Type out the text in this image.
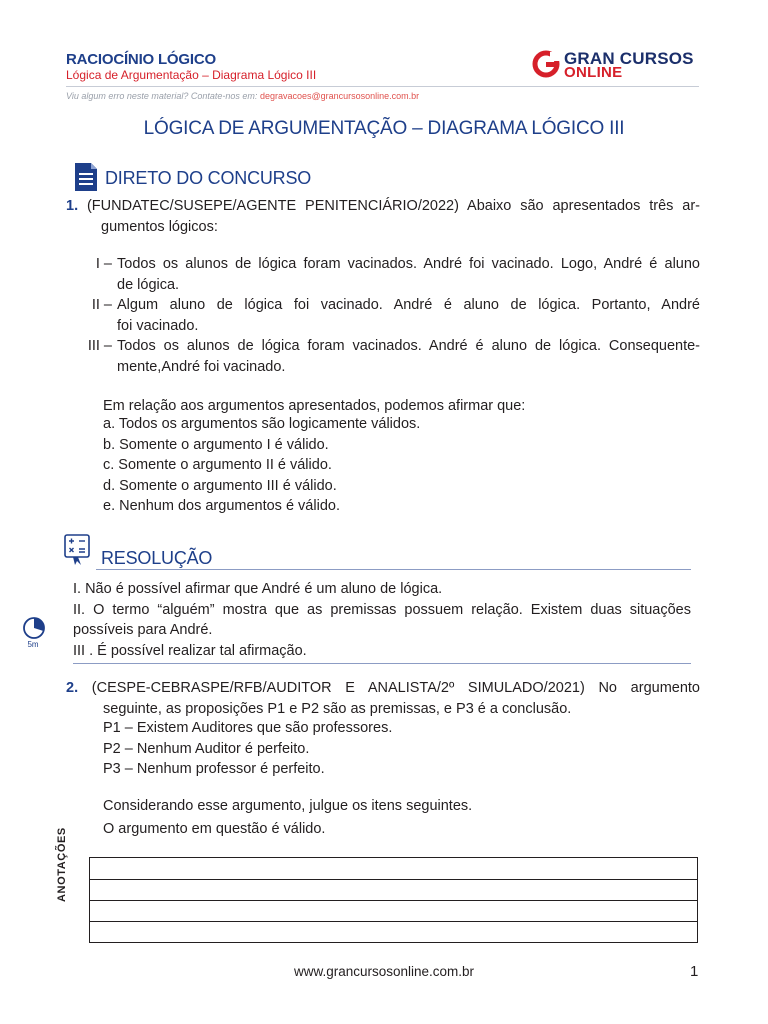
RACIOCÍNIO LÓGICO
Lógica de Argumentação – Diagrama Lógico III
Viu algum erro neste material? Contate-nos em: degravacoes@grancursosonline.com.br
GRAN CURSOS
ONLINE
LÓGICA DE ARGUMENTAÇÃO – DIAGRAMA LÓGICO III
DIRETO DO CONCURSO
1. (FUNDATEC/SUSEPE/AGENTE PENITENCIÁRIO/2022) Abaixo são apresentados três ar-
gumentos lógicos:
I – Todos os alunos de lógica foram vacinados. André foi vacinado. Logo, André é aluno
de lógica.
II – Algum aluno de lógica foi vacinado. André é aluno de lógica. Portanto, André
foi vacinado.
III – Todos os alunos de lógica foram vacinados. André é aluno de lógica. Consequente-
mente,André foi vacinado.
Em relação aos argumentos apresentados, podemos afirmar que:
a. Todos os argumentos são logicamente válidos.
b. Somente o argumento I é válido.
c. Somente o argumento II é válido.
d. Somente o argumento III é válido.
e. Nenhum dos argumentos é válido.
RESOLUÇÃO
I. Não é possível afirmar que André é um aluno de lógica.
II. O termo “alguém” mostra que as premissas possuem relação. Existem duas situações
possíveis para André.
III . É possível realizar tal afirmação.
5m
2. (CESPE-CEBRASPE/RFB/AUDITOR E ANALISTA/2º SIMULADO/2021) No argumento
seguinte, as proposições P1 e P2 são as premissas, e P3 é a conclusão.
P1 – Existem Auditores que são professores.
P2 – Nenhum Auditor é perfeito.
P3 – Nenhum professor é perfeito.
Considerando esse argumento, julgue os itens seguintes.
O argumento em questão é válido.
ANOTAÇÕES
www.grancursosonline.com.br	1
